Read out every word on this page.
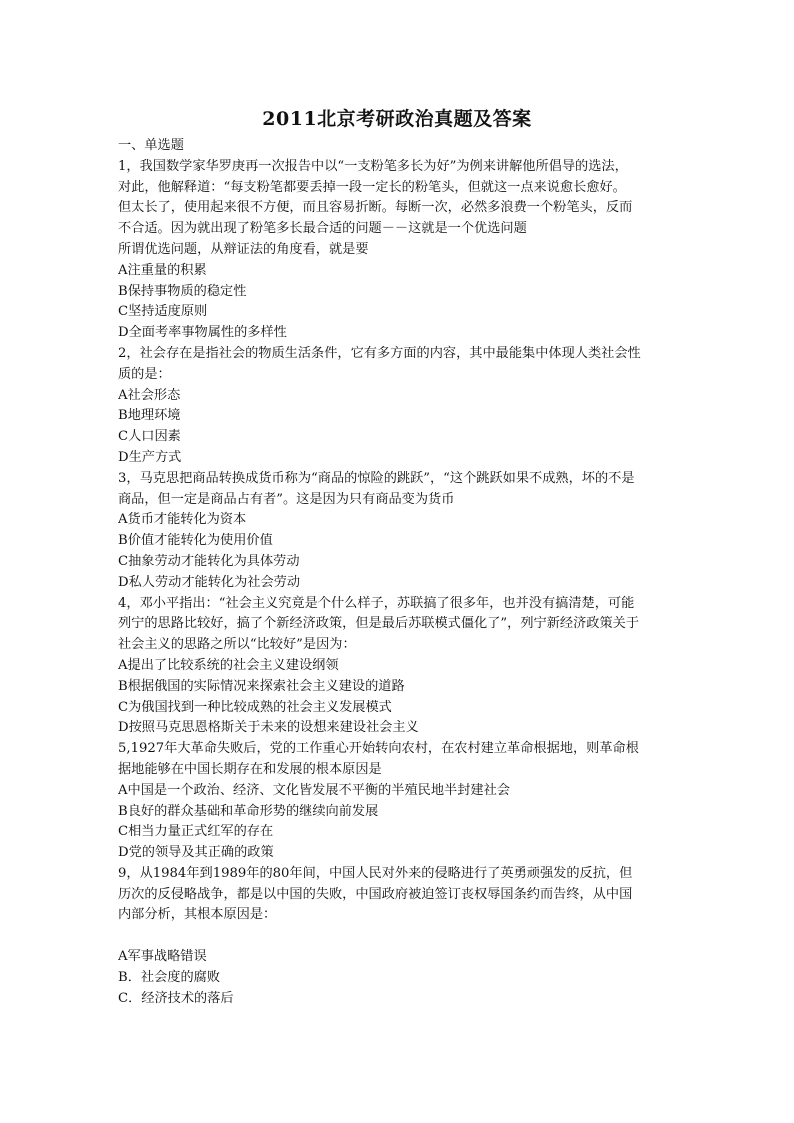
2011北京考研政治真题及答案
一、单选题
1，我国数学家华罗庚再一次报告中以“一支粉笔多长为好”为例来讲解他所倡导的选法，
对此，他解释道：“每支粉笔都要丢掉一段一定长的粉笔头，但就这一点来说愈长愈好。
但太长了，使用起来很不方便，而且容易折断。每断一次，必然多浪费一个粉笔头，反而
不合适。因为就出现了粉笔多长最合适的问题－－这就是一个优选问题
所谓优选问题，从辩证法的角度看，就是要
A注重量的积累
B保持事物质的稳定性
C坚持适度原则
D全面考率事物属性的多样性
2，社会存在是指社会的物质生活条件，它有多方面的内容，其中最能集中体现人类社会性
质的是：
A社会形态
B地理环境
C人口因素
D生产方式
3，马克思把商品转换成货币称为“商品的惊险的跳跃”，“这个跳跃如果不成熟，坏的不是
商品，但一定是商品占有者”。这是因为只有商品变为货币
A货币才能转化为资本
B价值才能转化为使用价值
C抽象劳动才能转化为具体劳动
D私人劳动才能转化为社会劳动
4，邓小平指出：“社会主义究竟是个什么样子，苏联搞了很多年，也并没有搞清楚，可能
列宁的思路比较好，搞了个新经济政策，但是最后苏联模式僵化了”，列宁新经济政策关于
社会主义的思路之所以“比较好”是因为：
A提出了比较系统的社会主义建设纲领
B根据俄国的实际情况来探索社会主义建设的道路
C为俄国找到一种比较成熟的社会主义发展模式
D按照马克思恩格斯关于未来的设想来建设社会主义
5,1927年大革命失败后，党的工作重心开始转向农村，在农村建立革命根据地，则革命根
据地能够在中国长期存在和发展的根本原因是
A中国是一个政治、经济、文化皆发展不平衡的半殖民地半封建社会
B良好的群众基础和革命形势的继续向前发展
C相当力量正式红军的存在
D党的领导及其正确的政策
9，从1984年到1989年的80年间，中国人民对外来的侵略进行了英勇顽强发的反抗，但
历次的反侵略战争，都是以中国的失败，中国政府被迫签订丧权辱国条约而告终，从中国
内部分析，其根本原因是：
A军事战略错误
B．社会度的腐败
C．经济技术的落后
